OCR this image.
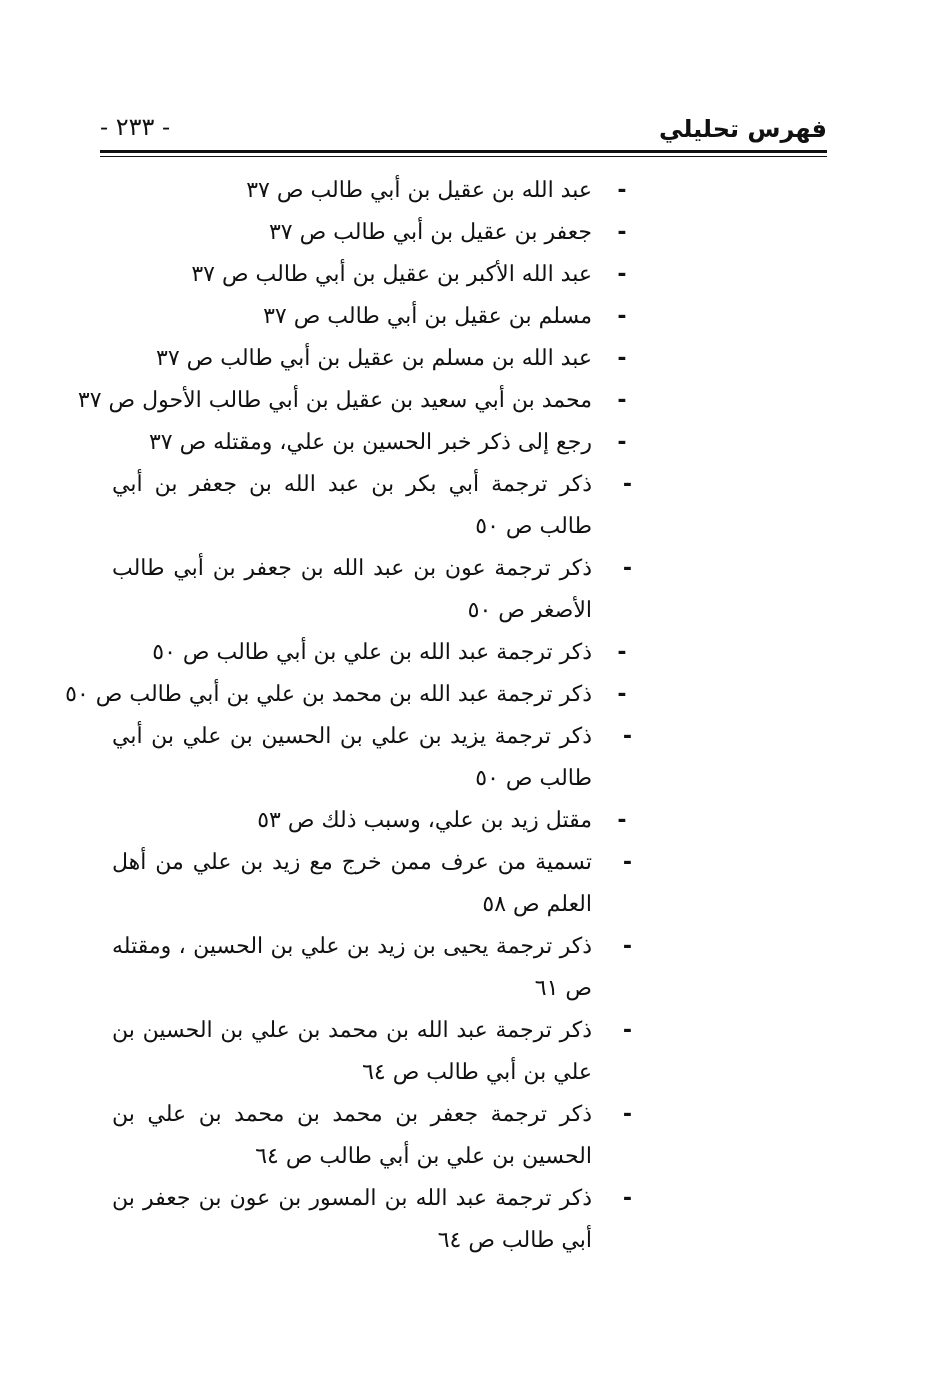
فهرس تحليلي
- ٢٣٣ -
-
عبد الله بن عقيل بن أبي طالب ص ٣٧
-
جعفر بن عقيل بن أبي طالب ص ٣٧
-
عبد الله الأكبر بن عقيل بن أبي طالب ص ٣٧
-
مسلم بن عقيل بن أبي طالب ص ٣٧
-
عبد الله بن مسلم بن عقيل بن أبي طالب ص ٣٧
-
محمد بن أبي سعيد بن عقيل بن أبي طالب الأحول ص ٣٧
-
رجع إلى ذكر خبر الحسين بن علي، ومقتله ص ٣٧
-
ذكر ترجمة أبي بكر بن عبد الله بن جعفر بن أبي طالب ص ٥٠
-
ذكر ترجمة عون بن عبد الله بن جعفر بن أبي طالب الأصغر ص ٥٠
-
ذكر ترجمة عبد الله بن علي بن أبي طالب ص ٥٠
-
ذكر ترجمة عبد الله بن محمد بن علي بن أبي طالب ص ٥٠
-
ذكر ترجمة يزيد بن علي بن الحسين بن علي بن أبي طالب ص ٥٠
-
مقتل زيد بن علي، وسبب ذلك ص ٥٣
-
تسمية من عرف ممن خرج مع زيد بن علي من أهل العلم ص ٥٨
-
ذكر ترجمة يحيى بن زيد بن علي بن الحسين ، ومقتله ص ٦١
-
ذكر ترجمة عبد الله بن محمد بن علي بن الحسين بن علي بن أبي طالب ص ٦٤
-
ذكر ترجمة جعفر بن محمد بن محمد بن علي بن الحسين بن علي بن أبي طالب ص ٦٤
-
ذكر ترجمة عبد الله بن المسور بن عون بن جعفر بن أبي طالب ص ٦٤
